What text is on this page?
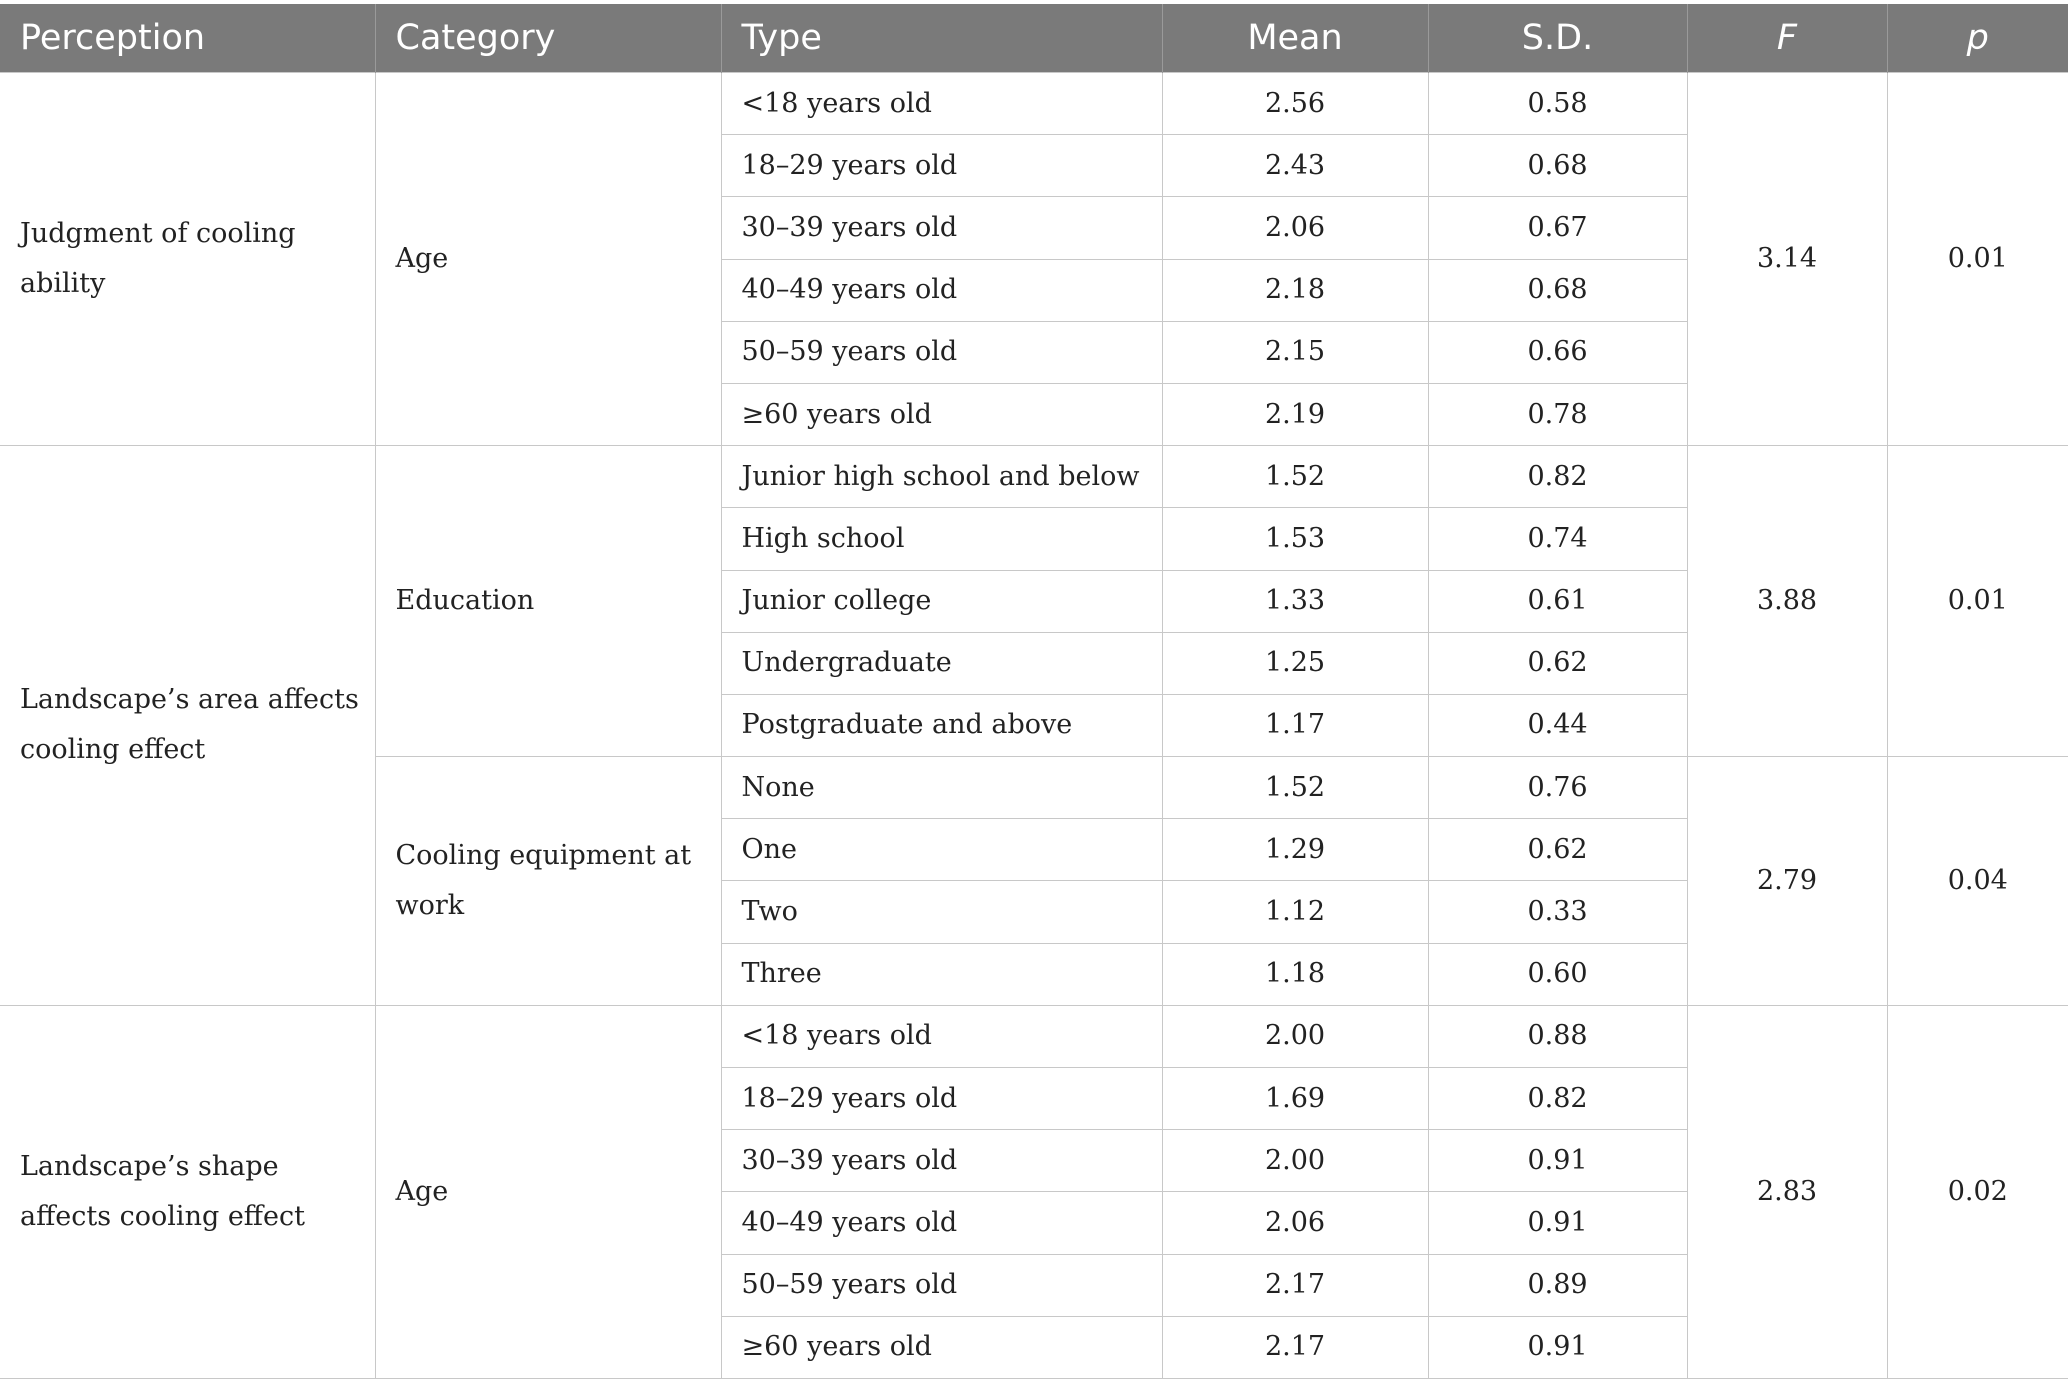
Perception	Category	Type	Mean	S.D.	F	p
Judgment of cooling ability	Age	<18 years old	2.56	0.58	3.14	0.01
		18–29 years old	2.43	0.68		
		30–39 years old	2.06	0.67		
		40–49 years old	2.18	0.68		
		50–59 years old	2.15	0.66		
		≥60 years old	2.19	0.78		
Landscape’s area affects cooling effect	Education	Junior high school and below	1.52	0.82	3.88	0.01
		High school	1.53	0.74		
		Junior college	1.33	0.61		
		Undergraduate	1.25	0.62		
		Postgraduate and above	1.17	0.44		
	Cooling equipment at work	None	1.52	0.76	2.79	0.04
		One	1.29	0.62		
		Two	1.12	0.33		
		Three	1.18	0.60		
Landscape’s shape affects cooling effect	Age	<18 years old	2.00	0.88	2.83	0.02
		18–29 years old	1.69	0.82		
		30–39 years old	2.00	0.91		
		40–49 years old	2.06	0.91		
		50–59 years old	2.17	0.89		
		≥60 years old	2.17	0.91		
